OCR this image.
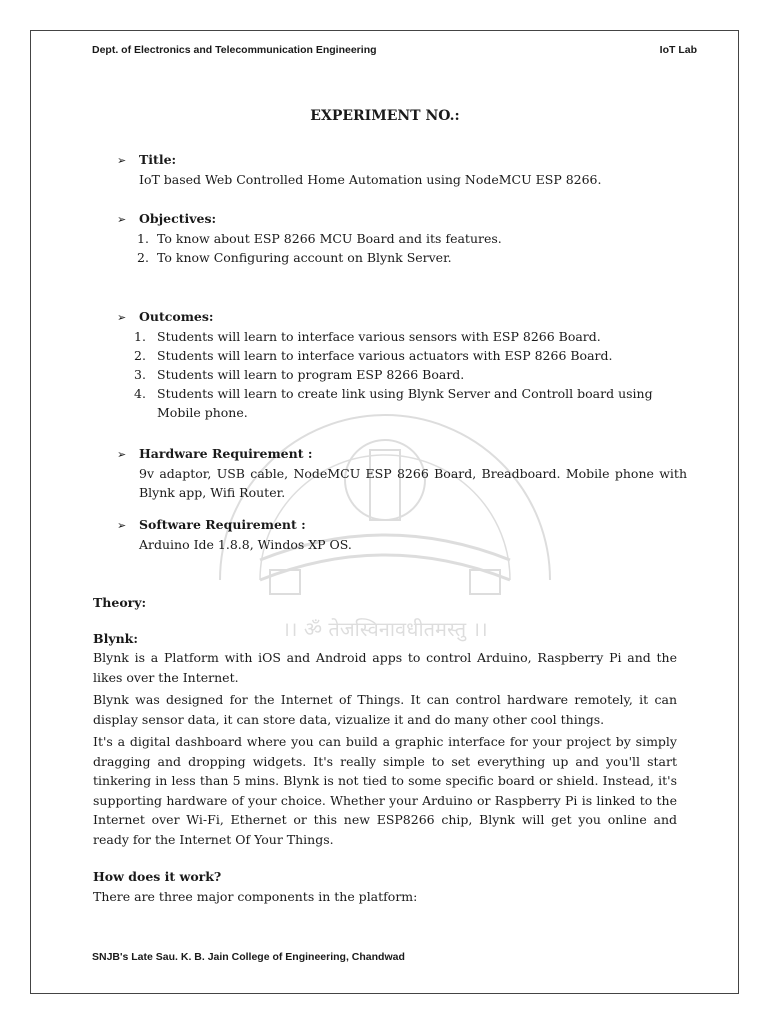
Dept. of Electronics and Telecommunication Engineering	IoT Lab
।। ॐ तेजस्विनावधीतमस्तु ।।
EXPERIMENT NO.:
➢ Title:
IoT based Web Controlled Home Automation using NodeMCU ESP 8266.
➢ Objectives:
1. To know about ESP 8266 MCU Board and its features.
2. To know Configuring account on Blynk Server.
➢ Outcomes:
1. Students will learn to interface various sensors with ESP 8266 Board.
2. Students will learn to interface various actuators with ESP 8266 Board.
3. Students will learn to program ESP 8266 Board.
4. Students will learn to create link using Blynk Server and Controll board using Mobile phone.
➢ Hardware Requirement :
9v adaptor, USB cable, NodeMCU ESP 8266 Board, Breadboard. Mobile phone with Blynk app, Wifi Router.
➢ Software Requirement :
Arduino Ide 1.8.8, Windos XP OS.
Theory:
Blynk:

Blynk is a Platform with iOS and Android apps to control Arduino, Raspberry Pi and the likes over the Internet.

Blynk was designed for the Internet of Things. It can control hardware remotely, it can display sensor data, it can store data, vizualize it and do many other cool things.

It's a digital dashboard where you can build a graphic interface for your project by simply dragging and dropping widgets. It's really simple to set everything up and you'll start tinkering in less than 5 mins. Blynk is not tied to some specific board or shield. Instead, it's supporting hardware of your choice. Whether your Arduino or Raspberry Pi is linked to the Internet over Wi-Fi, Ethernet or this new ESP8266 chip, Blynk will get you online and ready for the Internet Of Your Things.

How does it work?
There are three major components in the platform:
SNJB's Late Sau. K. B. Jain College of Engineering, Chandwad
